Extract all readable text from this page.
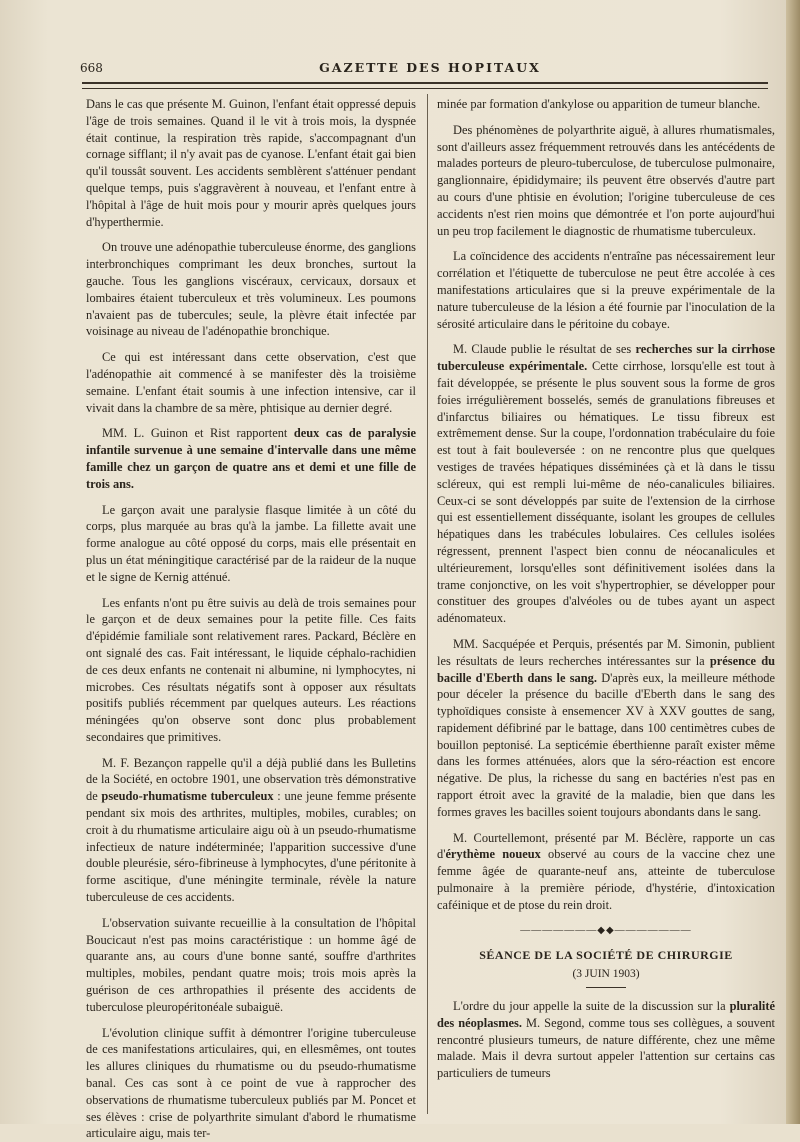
668	GAZETTE DES HOPITAUX

Dans le cas que présente M. Guinon, l'enfant était oppressé depuis l'âge de trois semaines. Quand il le vit à trois mois, la dyspnée était continue, la respiration très rapide, s'accompagnant d'un cornage sifflant; il n'y avait pas de cyanose. L'enfant était gai bien qu'il toussât souvent. Les accidents semblèrent s'atténuer pendant quelque temps, puis s'aggravèrent à nouveau, et l'enfant entre à l'hôpital à l'âge de huit mois pour y mourir après quelques jours d'hyperthermie.

On trouve une adénopathie tuberculeuse énorme, des ganglions interbronchiques comprimant les deux bronches, surtout la gauche. Tous les ganglions viscéraux, cervicaux, dorsaux et lombaires étaient tuberculeux et très volumineux. Les poumons n'avaient pas de tubercules; seule, la plèvre était infectée par voisinage au niveau de l'adénopathie bronchique.

Ce qui est intéressant dans cette observation, c'est que l'adénopathie ait commencé à se manifester dès la troisième semaine. L'enfant était soumis à une infection intensive, car il vivait dans la chambre de sa mère, phtisique au dernier degré.

MM. L. Guinon et Rist rapportent deux cas de paralysie infantile survenue à une semaine d'intervalle dans une même famille chez un garçon de quatre ans et demi et une fille de trois ans.

Le garçon avait une paralysie flasque limitée à un côté du corps, plus marquée au bras qu'à la jambe. La fillette avait une forme analogue au côté opposé du corps, mais elle présentait en plus un état méningitique caractérisé par de la raideur de la nuque et le signe de Kernig atténué.

Les enfants n'ont pu être suivis au delà de trois semaines pour le garçon et de deux semaines pour la petite fille. Ces faits d'épidémie familiale sont relativement rares. Packard, Béclère en ont signalé des cas. Fait intéressant, le liquide céphalo-rachidien de ces deux enfants ne contenait ni albumine, ni lymphocytes, ni microbes. Ces résultats négatifs sont à opposer aux résultats positifs publiés récemment par quelques auteurs. Les réactions méningées qu'on observe sont donc plus probablement secondaires que primitives.

M. F. Bezançon rappelle qu'il a déjà publié dans les Bulletins de la Société, en octobre 1901, une observation très démonstrative de pseudo-rhumatisme tuberculeux : une jeune femme présente pendant six mois des arthrites, multiples, mobiles, curables; on croit à du rhumatisme articulaire aigu où à un pseudo-rhumatisme infectieux de nature indéterminée; l'apparition successive d'une double pleurésie, séro-fibrineuse à lymphocytes, d'une péritonite à forme ascitique, d'une méningite terminale, révèle la nature tuberculeuse de ces accidents.

L'observation suivante recueillie à la consultation de l'hôpital Boucicaut n'est pas moins caractéristique : un homme âgé de quarante ans, au cours d'une bonne santé, souffre d'arthrites multiples, mobiles, pendant quatre mois; trois mois après la guérison de ces arthropathies il présente des accidents de tuberculose pleuropéritonéale subaiguë.

L'évolution clinique suffit à démontrer l'origine tuberculeuse de ces manifestations articulaires, qui, en ellesmêmes, ont toutes les allures cliniques du rhumatisme ou du pseudo-rhumatisme banal. Ces cas sont à ce point de vue à rapprocher des observations de rhumatisme tuberculeux publiés par M. Poncet et ses élèves : crise de polyarthrite simulant d'abord le rhumatisme articulaire aigu, mais ter-

minée par formation d'ankylose ou apparition de tumeur blanche.

Des phénomènes de polyarthrite aiguë, à allures rhumatismales, sont d'ailleurs assez fréquemment retrouvés dans les antécédents de malades porteurs de pleuro-tuberculose, de tuberculose pulmonaire, ganglionnaire, épididymaire; ils peuvent être observés d'autre part au cours d'une phtisie en évolution; l'origine tuberculeuse de ces accidents n'est rien moins que démontrée et l'on porte aujourd'hui un peu trop facilement le diagnostic de rhumatisme tuberculeux.

La coïncidence des accidents n'entraîne pas nécessairement leur corrélation et l'étiquette de tuberculose ne peut être accolée à ces manifestations articulaires que si la preuve expérimentale de la nature tuberculeuse de la lésion a été fournie par l'inoculation de la sérosité articulaire dans le péritoine du cobaye.

M. Claude publie le résultat de ses recherches sur la cirrhose tuberculeuse expérimentale. Cette cirrhose, lorsqu'elle est tout à fait développée, se présente le plus souvent sous la forme de gros foies irrégulièrement bosselés, semés de granulations fibreuses et d'infarctus biliaires ou hématiques. Le tissu fibreux est extrêmement dense. Sur la coupe, l'ordonnation trabéculaire du foie est tout à fait bouleversée : on ne rencontre plus que quelques vestiges de travées hépatiques disséminées çà et là dans le tissu scléreux, qui est rempli lui-même de néo-canalicules biliaires. Ceux-ci se sont développés par suite de l'extension de la cirrhose qui est essentiellement disséquante, isolant les groupes de cellules hépatiques dans les trabécules lobulaires. Ces cellules isolées régressent, prennent l'aspect bien connu de néocanalicules et ultérieurement, lorsqu'elles sont définitivement isolées dans la trame conjonctive, on les voit s'hypertrophier, se développer pour constituer des groupes d'alvéoles ou de tubes ayant un aspect adénomateux.

MM. Sacquépée et Perquis, présentés par M. Simonin, publient les résultats de leurs recherches intéressantes sur la présence du bacille d'Eberth dans le sang. D'après eux, la meilleure méthode pour déceler la présence du bacille d'Eberth dans le sang des typhoïdiques consiste à ensemencer XV à XXV gouttes de sang, rapidement défibriné par le battage, dans 100 centimètres cubes de bouillon peptonisé. La septicémie éberthienne paraît exister même dans les formes atténuées, alors que la séro-réaction est encore négative. De plus, la richesse du sang en bactéries n'est pas en rapport étroit avec la gravité de la maladie, bien que dans les formes graves les bacilles soient toujours abondants dans le sang.

M. Courtellemont, présenté par M. Béclère, rapporte un cas d'érythème noueux observé au cours de la vaccine chez une femme âgée de quarante-neuf ans, atteinte de tuberculose pulmonaire à la première période, d'hystérie, d'intoxication caféinique et de ptose du rein droit.

———————◆◆———————
SÉANCE DE LA SOCIÉTÉ DE CHIRURGIE
(3 JUIN 1903)

L'ordre du jour appelle la suite de la discussion sur la pluralité des néoplasmes. M. Segond, comme tous ses collègues, a souvent rencontré plusieurs tumeurs, de nature différente, chez une même malade. Mais il devra surtout appeler l'attention sur certains cas particuliers de tumeurs
